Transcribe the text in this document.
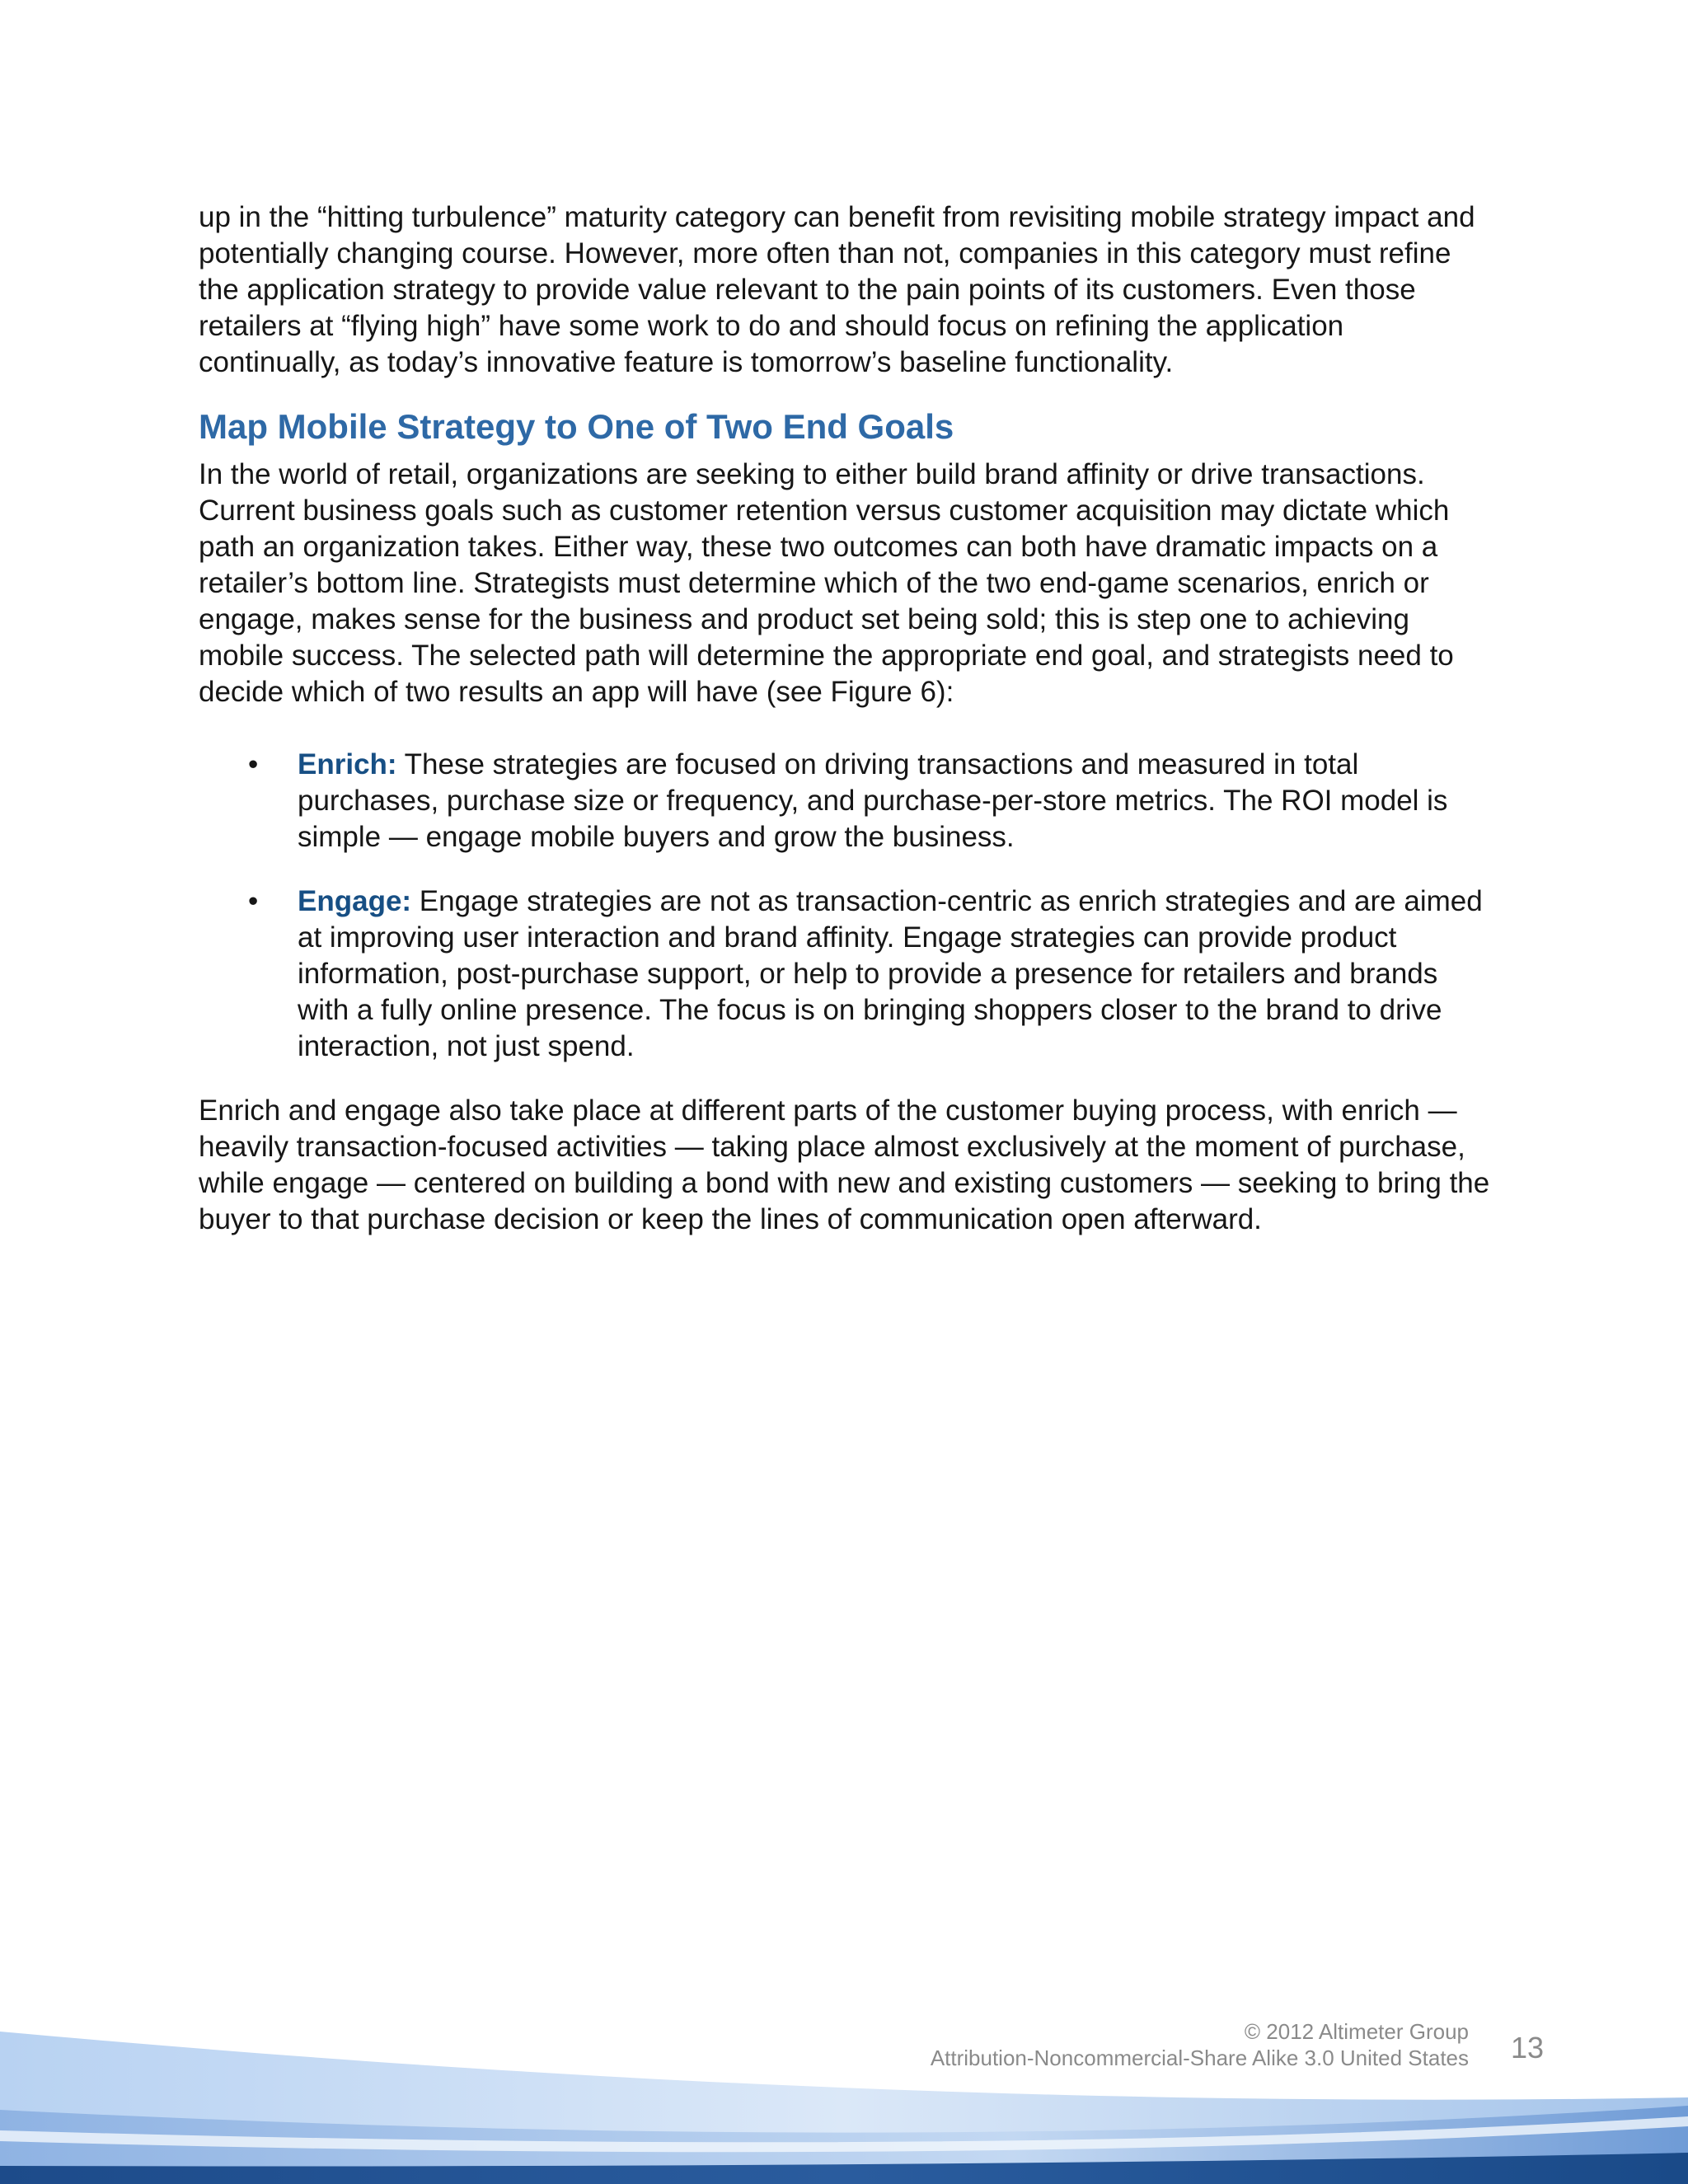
up in the “hitting turbulence” maturity category can benefit from revisiting mobile strategy impact and potentially changing course. However, more often than not, companies in this category must refine the application strategy to provide value relevant to the pain points of its customers. Even those retailers at “flying high” have some work to do and should focus on refining the application continually, as today’s innovative feature is tomorrow’s baseline functionality.

Map Mobile Strategy to One of Two End Goals

In the world of retail, organizations are seeking to either build brand affinity or drive transactions. Current business goals such as customer retention versus customer acquisition may dictate which path an organization takes. Either way, these two outcomes can both have dramatic impacts on a retailer’s bottom line. Strategists must determine which of the two end-game scenarios, enrich or engage, makes sense for the business and product set being sold; this is step one to achieving mobile success. The selected path will determine the appropriate end goal, and strategists need to decide which of two results an app will have (see Figure 6):

• Enrich: These strategies are focused on driving transactions and measured in total purchases, purchase size or frequency, and purchase-per-store metrics. The ROI model is simple — engage mobile buyers and grow the business.
• Engage: Engage strategies are not as transaction-centric as enrich strategies and are aimed at improving user interaction and brand affinity. Engage strategies can provide product information, post-purchase support, or help to provide a presence for retailers and brands with a fully online presence. The focus is on bringing shoppers closer to the brand to drive interaction, not just spend.

Enrich and engage also take place at different parts of the customer buying process, with enrich — heavily transaction-focused activities — taking place almost exclusively at the moment of purchase, while engage — centered on building a bond with new and existing customers — seeking to bring the buyer to that purchase decision or keep the lines of communication open afterward.

© 2012 Altimeter Group
Attribution-Noncommercial-Share Alike 3.0 United States 13
